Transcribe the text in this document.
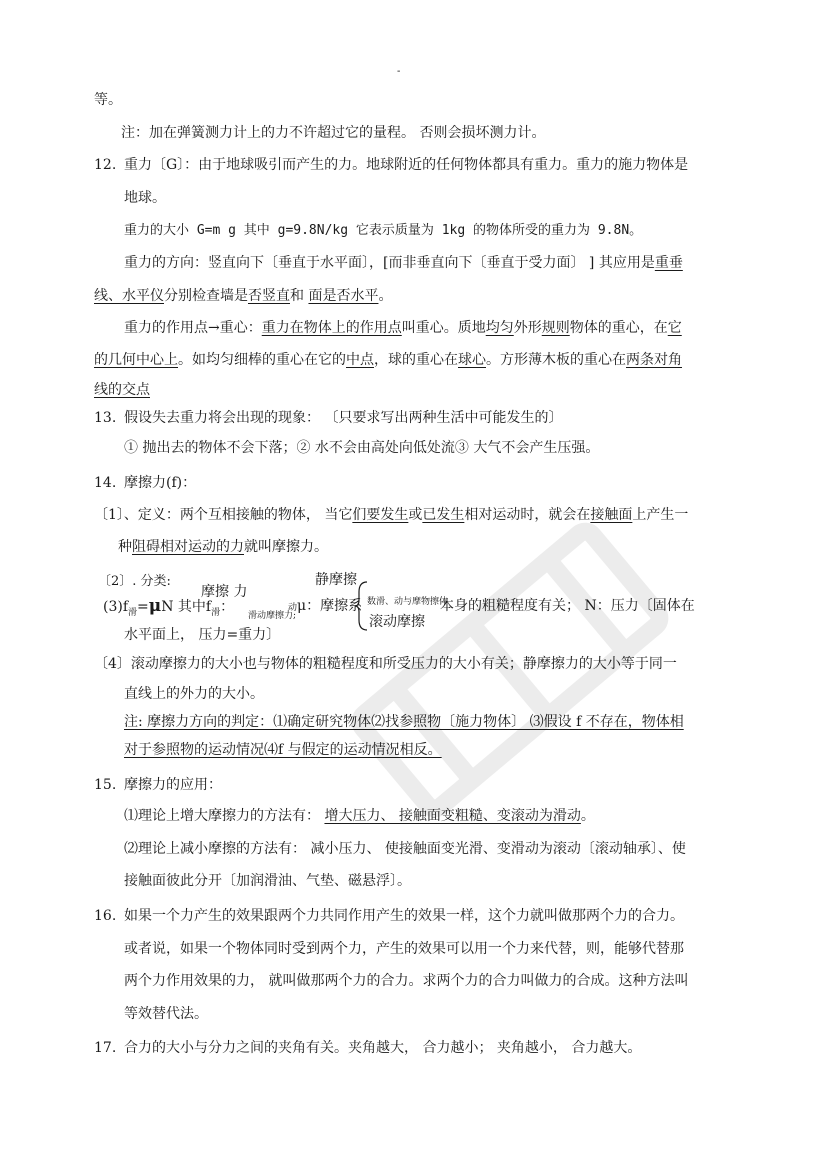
-
等。
注：加在弹簧测力计上的力不许超过它的量程。 否则会损坏测力计。
12. 重力〔G〕：由于地球吸引而产生的力。地球附近的任何物体都具有重力。重力的施力物体是
地球。
重力的大小 G=m g 其中 g=9.8N/kg 它表示质量为 1kg 的物体所受的重力为 9.8N。
重力的方向：竖直向下〔垂直于水平面〕，[而非垂直向下〔垂直于受力面〕 ] 其应用是重垂
线、水平仪分别检查墙是否竖直和 面是否水平。
重力的作用点→重心：重力在物体上的作用点叫重心。质地均匀外形规则物体的重心，在它
的几何中心上。如均匀细棒的重心在它的中点，球的重心在球心。方形薄木板的重心在两条对角
线的交点
13. 假设失去重力将会出现的现象： 〔只要求写出两种生活中可能发生的〕
① 抛出去的物体不会下落；② 水不会由高处向低处流③ 大气不会产生压强。
14. 摩擦力(f)：
〔1〕、定义：两个互相接触的物体， 当它们要发生或已发生相对运动时，就会在接触面上产生一
种阻碍相对运动的力就叫摩擦力。
〔2〕. 分类:
摩擦 力
静摩擦
$(3)f_滑=\mu N$ 其中$f_滑$：
滑动摩擦力;
动μ：摩擦系 数滑、动与摩物擦体
本身的粗糙程度有关； N：压力〔固体在
水平面上， 压力=重力〕
滚动摩擦
〔4〕滚动摩擦力的大小也与物体的粗糙程度和所受压力的大小有关；静摩擦力的大小等于同一
直线上的外力的大小。
注: 摩擦力方向的判定：⑴确定研究物体⑵找参照物〔施力物体〕 ⑶假设 f 不存在，物体相
对于参照物的运动情况⑷f 与假定的运动情况相反。
15. 摩擦力的应用：
⑴理论上增大摩擦力的方法有： 增大压力、 接触面变粗糙、变滚动为滑动。
⑵理论上减小摩擦的方法有： 减小压力、 使接触面变光滑、变滑动为滚动〔滚动轴承〕、使
接触面彼此分开〔加润滑油、气垫、磁悬浮〕。
16. 如果一个力产生的效果跟两个力共同作用产生的效果一样，这个力就叫做那两个力的合力。
或者说，如果一个物体同时受到两个力，产生的效果可以用一个力来代替，则，能够代替那
两个力作用效果的力， 就叫做那两个力的合力。求两个力的合力叫做力的合成。这种方法叫
等效替代法。
17. 合力的大小与分力之间的夹角有关。夹角越大， 合力越小； 夹角越小， 合力越大。
